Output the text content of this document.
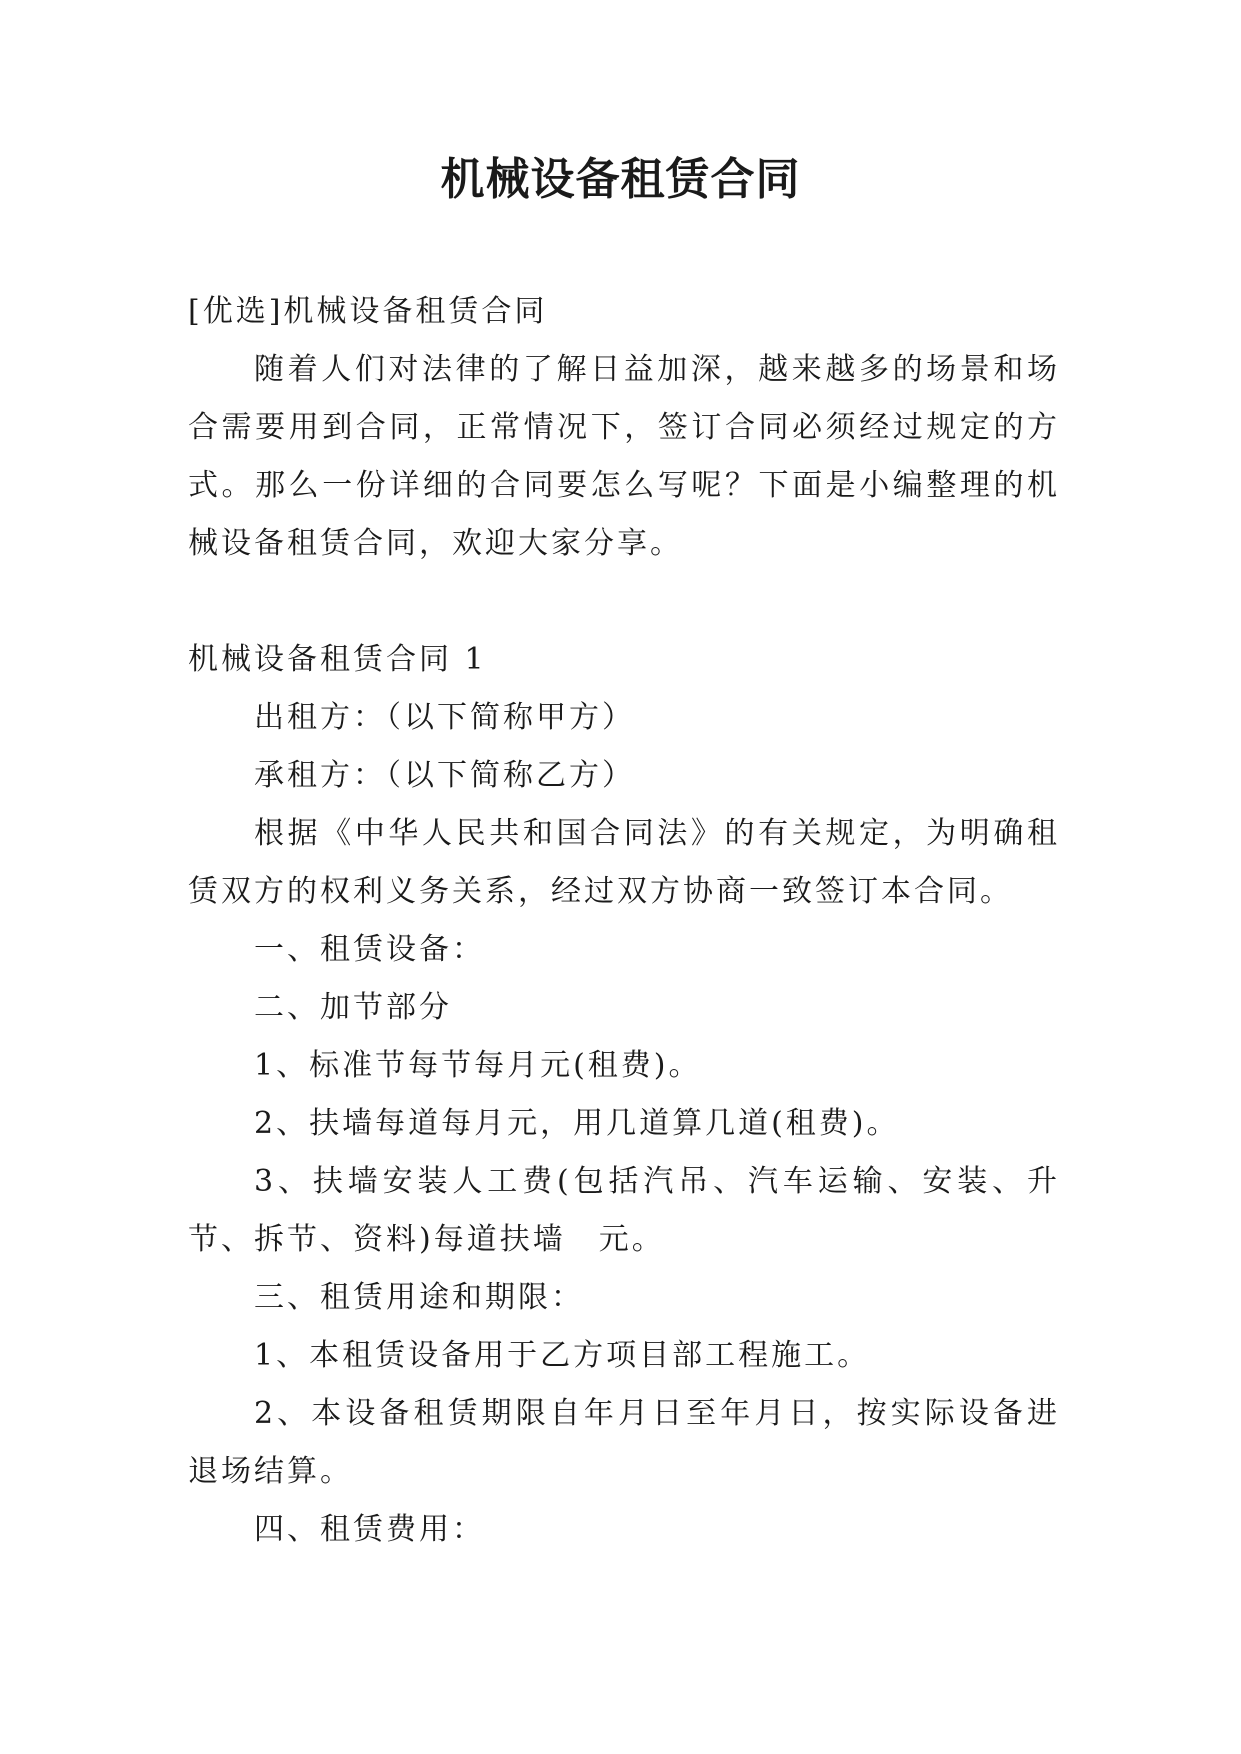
机械设备租赁合同

[优选]机械设备租赁合同

随着人们对法律的了解日益加深，越来越多的场景和场合需要用到合同，正常情况下，签订合同必须经过规定的方式。那么一份详细的合同要怎么写呢？下面是小编整理的机械设备租赁合同，欢迎大家分享。

机械设备租赁合同 1

出租方：（以下简称甲方）

承租方：（以下简称乙方）

根据《中华人民共和国合同法》的有关规定，为明确租赁双方的权利义务关系，经过双方协商一致签订本合同。

一、租赁设备：

二、加节部分

1、标准节每节每月元(租费)。

2、扶墙每道每月元，用几道算几道(租费)。

3、扶墙安装人工费(包括汽吊、汽车运输、安装、升节、拆节、资料)每道扶墙　元。

三、租赁用途和期限：

1、本租赁设备用于乙方项目部工程施工。

2、本设备租赁期限自年月日至年月日，按实际设备进退场结算。

四、租赁费用：
